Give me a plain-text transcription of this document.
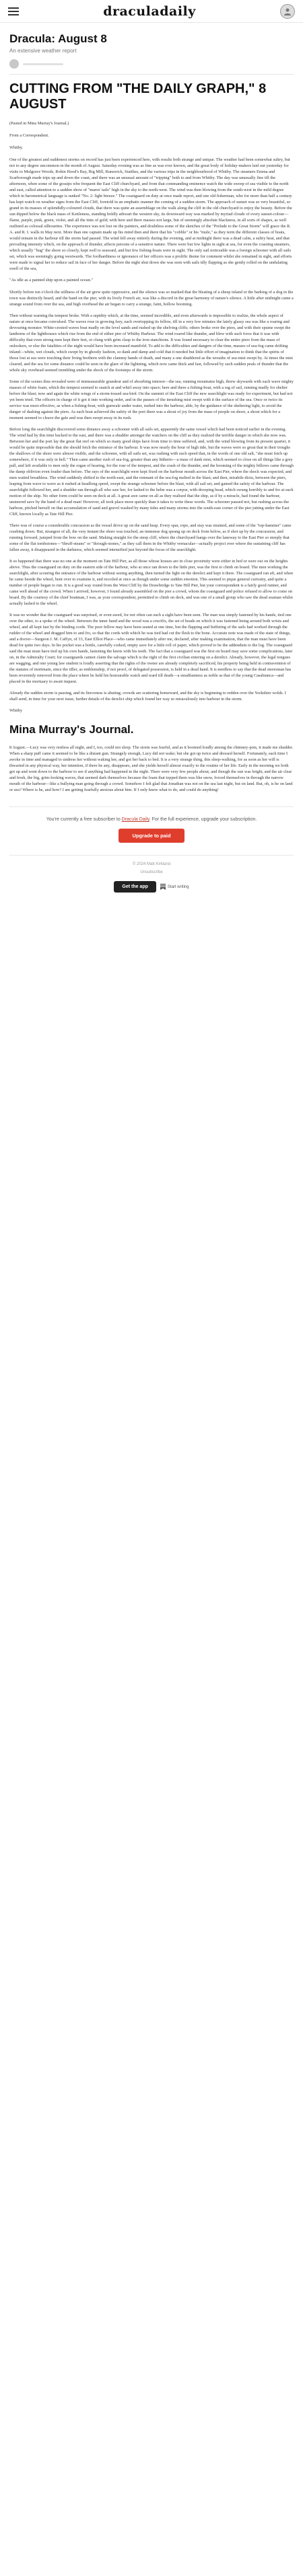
draculadaily
Dracula: August 8
An extensive weather report
CUTTING FROM "THE DAILY GRAPH," 8 AUGUST

(Pasted in Mina Murray's Journal.)

From a Correspondent.

Whitby.

One of the greatest and suddenest storms on record has just been experienced here, with results both strange and unique. The weather had been somewhat sultry, but not to any degree uncommon in the month of August. Saturday evening was as fine as was ever known, and the great body of holiday-makers laid out yesterday for visits to Mulgrave Woods, Robin Hood's Bay, Rig Mill, Runswick, Staithes, and the various trips in the neighbourhood of Whitby. The steamers Emma and Scarborough made trips up and down the coast, and there was an unusual amount of "tripping" both to and from Whitby. The day was unusually fine till the afternoon, when some of the gossips who frequent the East Cliff churchyard, and from that commanding eminence watch the wide sweep of sea visible to the north and east, called attention to a sudden show of "mares' tails" high in the sky to the north-west. The wind was then blowing from the south-west in the mild degree which in barometrical language is ranked "No. 2: light breeze." The coastguard on duty at once made report, and one old fisherman, who for more than half a century has kept watch on weather signs from the East Cliff, foretold in an emphatic manner the coming of a sudden storm. The approach of sunset was so very beautiful, so grand in its masses of splendidly-coloured clouds, that there was quite an assemblage on the walk along the cliff in the old churchyard to enjoy the beauty. Before the sun dipped below the black mass of Kettleness, standing boldly athwart the western sky, its downward way was marked by myriad clouds of every sunset-colour—flame, purple, pink, green, violet, and all the tints of gold; with here and there masses not large, but of seemingly absolute blackness, in all sorts of shapes, as well outlined as colossal silhouettes. The experience was not lost on the painters, and doubtless some of the sketches of the "Prelude to the Great Storm" will grace the R. A. and R. I. walls in May next. More than one captain made up his mind then and there that his "cobble" or his "mule," as they term the different classes of boats, would remain in the harbour till the storm had passed. The wind fell away entirely during the evening, and at midnight there was a dead calm, a sultry heat, and that prevailing intensity which, on the approach of thunder, affects persons of a sensitive nature. There were but few lights in sight at sea, for even the coasting steamers, which usually "hug" the shore so closely, kept well to seaward, and but few fishing-boats were in sight. The only sail noticeable was a foreign schooner with all sails set, which was seemingly going westwards. The foolhardiness or ignorance of her officers was a prolific theme for comment whilst she remained in sight, and efforts were made to signal her to reduce sail in face of her danger. Before the night shut down she was seen with sails idly flapping as she gently rolled on the undulating swell of the sea,

"As idle as a painted ship upon a painted ocean."

Shortly before ten o'clock the stillness of the air grew quite oppressive, and the silence was so marked that the bleating of a sheep inland or the barking of a dog in the town was distinctly heard, and the band on the pier, with its lively French air, was like a discord in the great harmony of nature's silence. A little after midnight came a strange sound from over the sea, and high overhead the air began to carry a strange, faint, hollow booming.

Then without warning the tempest broke. With a rapidity which, at the time, seemed incredible, and even afterwards is impossible to realize, the whole aspect of nature at once became convulsed. The waves rose in growing fury, each overtopping its fellow, till in a very few minutes the lately glassy sea was like a roaring and devouring monster. White-crested waves beat madly on the level sands and rushed up the shelving cliffs; others broke over the piers, and with their spume swept the lanthorns of the lighthouses which rise from the end of either pier of Whitby Harbour. The wind roared like thunder, and blew with such force that it was with difficulty that even strong men kept their feet, or clung with grim clasp to the iron stanchions. It was found necessary to clear the entire piers from the mass of onlookers, or else the fatalities of the night would have been increased manifold. To add to the difficulties and dangers of the time, masses of sea-fog came drifting inland—white, wet clouds, which swept by in ghostly fashion, so dank and damp and cold that it needed but little effort of imagination to think that the spirits of those lost at sea were touching their living brethren with the clammy hands of death, and many a one shuddered as the wreaths of sea-mist swept by. At times the mist cleared, and the sea for some distance could be seen in the glare of the lightning, which now came thick and fast, followed by such sudden peals of thunder that the whole sky overhead seemed trembling under the shock of the footsteps of the storm.

Some of the scenes thus revealed were of immeasurable grandeur and of absorbing interest—the sea, running mountains high, threw skywards with each wave mighty masses of white foam, which the tempest seemed to snatch at and whirl away into space; here and there a fishing-boat, with a rag of sail, running madly for shelter before the blast; now and again the white wings of a storm-tossed sea-bird. On the summit of the East Cliff the new searchlight was ready for experiment, but had not yet been tried. The officers in charge of it got it into working order, and in the pauses of the inrushing mist swept with it the surface of the sea. Once or twice its service was most effective, as when a fishing-boat, with gunwale under water, rushed into the harbour, able, by the guidance of the sheltering light, to avoid the danger of dashing against the piers. As each boat achieved the safety of the port there was a shout of joy from the mass of people on shore, a shout which for a moment seemed to cleave the gale and was then swept away in its rush.

Before long the searchlight discovered some distance away a schooner with all sails set, apparently the same vessel which had been noticed earlier in the evening. The wind had by this time backed to the east, and there was a shudder amongst the watchers on the cliff as they realized the terrible danger in which she now was. Between her and the port lay the great flat reef on which so many good ships have from time to time suffered, and, with the wind blowing from its present quarter, it would be quite impossible that she should fetch the entrance of the harbour. It was now nearly the hour of high tide, but the waves were so great that in their troughs the shallows of the shore were almost visible, and the schooner, with all sails set, was rushing with such speed that, in the words of one old salt, "she must fetch up somewhere, if it was only in hell." Then came another rush of sea-fog, greater than any hitherto—a mass of dank mist, which seemed to close on all things like a grey pall, and left available to men only the organ of hearing, for the roar of the tempest, and the crash of the thunder, and the booming of the mighty billows came through the damp oblivion even louder than before. The rays of the searchlight were kept fixed on the harbour mouth across the East Pier, where the shock was expected, and men waited breathless. The wind suddenly shifted to the north-east, and the remnant of the sea-fog melted in the blast; and then, mirabile dictu, between the piers, leaping from wave to wave as it rushed at headlong speed, swept the strange schooner before the blast, with all sail set, and gained the safety of the harbour. The searchlight followed her, and a shudder ran through all who saw her, for lashed to the helm was a corpse, with drooping head, which swung horribly to and fro at each motion of the ship. No other form could be seen on deck at all. A great awe came on all as they realised that the ship, as if by a miracle, had found the harbour, unsteered save by the hand of a dead man! However, all took place more quickly than it takes to write these words. The schooner paused not, but rushing across the harbour, pitched herself on that accumulation of sand and gravel washed by many tides and many storms into the south-east corner of the pier jutting under the East Cliff, known locally as Tate Hill Pier.

There was of course a considerable concussion as the vessel drove up on the sand heap. Every spar, rope, and stay was strained, and some of the "top-hammer" came crashing down. But, strangest of all, the very instant the shore was touched, an immense dog sprang up on deck from below, as if shot up by the concussion, and running forward, jumped from the bow on the sand. Making straight for the steep cliff, where the churchyard hangs over the laneway to the East Pier so steeply that some of the flat tombstones—"thruff-steans" or "through-stones," as they call them in the Whitby vernacular—actually project over where the sustaining cliff has fallen away, it disappeared in the darkness, which seemed intensified just beyond the focus of the searchlight.

It so happened that there was no one at the moment on Tate Hill Pier, as all those whose houses are in close proximity were either in bed or were out on the heights above. Thus the coastguard on duty on the eastern side of the harbour, who at once ran down to the little pier, was the first to climb on board. The men working the searchlight, after scouring the entrance of the harbour without seeing anything, then turned the light on the derelict and kept it there. The coastguard ran aft, and when he came beside the wheel, bent over to examine it, and recoiled at once as though under some sudden emotion. This seemed to pique general curiosity, and quite a number of people began to run. It is a good way round from the West Cliff by the Drawbridge to Tate Hill Pier, but your correspondent is a fairly good runner, and came well ahead of the crowd. When I arrived, however, I found already assembled on the pier a crowd, whom the coastguard and police refused to allow to come on board. By the courtesy of the chief boatman, I was, as your correspondent, permitted to climb on deck, and was one of a small group who saw the dead seaman whilst actually lashed to the wheel.

It was no wonder that the coastguard was surprised, or even awed, for not often can such a sight have been seen. The man was simply fastened by his hands, tied one over the other, to a spoke of the wheel. Between the inner hand and the wood was a crucifix, the set of beads on which it was fastened being around both wrists and wheel, and all kept fast by the binding cords. The poor fellow may have been seated at one time, but the flapping and buffeting of the sails had worked through the rudder of the wheel and dragged him to and fro, so that the cords with which he was tied had cut the flesh to the bone. Accurate note was made of the state of things, and a doctor—Surgeon J. M. Caffyn, of 33, East Elliot Place—who came immediately after me, declared, after making examination, that the man must have been dead for quite two days. In his pocket was a bottle, carefully corked, empty save for a little roll of paper, which proved to be the addendum to the log. The coastguard said the man must have tied up his own hands, fastening the knots with his teeth. The fact that a coastguard was the first on board may save some complications, later on, in the Admiralty Court; for coastguards cannot claim the salvage which is the right of the first civilian entering on a derelict. Already, however, the legal tongues are wagging, and one young law student is loudly asserting that the rights of the owner are already completely sacrificed, his property being held in contravention of the statutes of mortmain, since the tiller, as emblemship, if not proof, of delegated possession, is held in a dead hand. It is needless to say that the dead steersman has been reverently removed from the place where he held his honourable watch and ward till death—a steadfastness as noble as that of the young Casabianca—and placed in the mortuary to await inquest.

Already the sudden storm is passing, and its fierceness is abating; crowds are scattering homeward, and the sky is beginning to redden over the Yorkshire wolds. I shall send, in time for your next issue, further details of the derelict ship which found her way so miraculously into harbour in the storm.

Whitby

Mina Murray's Journal.

8 August.—Lucy was very restless all night, and I, too, could not sleep. The storm was fearful, and as it boomed loudly among the chimney-pots, it made me shudder. When a sharp puff came it seemed to be like a distant gun. Strangely enough, Lucy did not wake; but she got up twice and dressed herself. Fortunately, each time I awoke in time and managed to undress her without waking her, and got her back to bed. It is a very strange thing, this sleep-walking, for as soon as her will is thwarted in any physical way, her intention, if there be any, disappears, and she yields herself almost exactly to the routine of her life. Early in the morning we both got up and went down to the harbour to see if anything had happened in the night. There were very few people about, and though the sun was bright, and the air clear and fresh, the big, grim-looking waves, that seemed dark themselves because the foam that topped them was like snow, forced themselves in through the narrow mouth of the harbour—like a bullying man going through a crowd. Somehow I felt glad that Jonathan was not on the sea last night, but on land. But, oh, is he on land or sea? Where is he, and how? I am getting fearfully anxious about him. If I only knew what to do, and could do anything!

You're currently a free subscriber to Dracula Daily. For the full experience, upgrade your subscription.

Upgrade to paid
© 2024 Matt Kirkland
Unsubscribe
Get the app	Start writing
